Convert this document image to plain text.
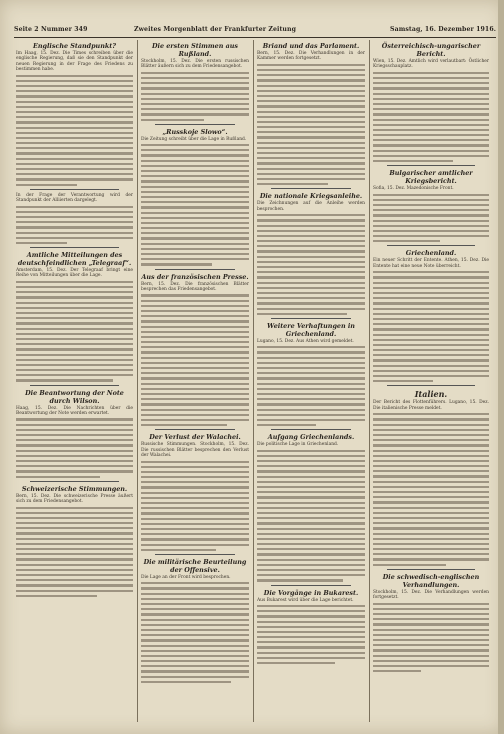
Seite 2 Nummer 349	Zweites Morgenblatt der Frankfurter Zeitung	Samstag, 16. Dezember 1916.
Englische Standpunkt?
Im Haag, 15. Dez. Die Times schreiben über die englische Regierung, daß sie den Standpunkt der neuen Regierung in der Frage des Friedens zu bestimmen habe.
In der Frage der Verantwortung wird der Standpunkt der Alliierten dargelegt.
Amtliche Mitteilungen des deutschfeindlichen „Telegraaf“.
Amsterdam, 15. Dez. Der Telegraaf bringt eine Reihe von Mitteilungen über die Lage.
Die Beantwortung der Note durch Wilson.
Haag, 15. Dez. Die Nachrichten über die Beantwortung der Note werden erwartet.
Schweizerische Stimmungen.
Bern, 15. Dez. Die schweizerische Presse äußert sich zu dem Friedensangebot.
Die ersten Stimmen aus Rußland.
Stockholm, 15. Dez. Die ersten russischen Blätter äußern sich zu dem Friedensangebot.
„Russkoje Slowo“.
Die Zeitung schreibt über die Lage in Rußland.
Aus der französischen Presse.
Bern, 15. Dez. Die französischen Blätter besprechen das Friedensangebot.
Der Verlust der Walachei.
Russische Stimmungen. Stockholm, 15. Dez. Die russischen Blätter besprechen den Verlust der Walachei.
Die militärische Beurteilung der Offensive.
Die Lage an der Front wird besprochen.
Briand und das Parlament.
Bern, 15. Dez. Die Verhandlungen in der Kammer werden fortgesetzt.
Die nationale Kriegsanleihe.
Die Zeichnungen auf die Anleihe werden besprochen.
Weitere Verhaftungen in Griechenland.
Lugano, 15. Dez. Aus Athen wird gemeldet.
Aufgang Griechenlands.
Die politische Lage in Griechenland.
Die Vorgänge in Bukarest.
Aus Bukarest wird über die Lage berichtet.
Österreichisch-ungarischer Bericht.
Wien, 15. Dez. Amtlich wird verlautbart: Östlicher Kriegsschauplatz.
Bulgarischer amtlicher Kriegsbericht.
Sofia, 15. Dez. Mazedonische Front.
Griechenland.
Ein neuer Schritt der Entente. Athen, 15. Dez. Die Entente hat eine neue Note überreicht.
Italien.
Der Bericht des Flottenführers. Lugano, 15. Dez. Die italienische Presse meldet.
Die schwedisch-englischen Verhandlungen.
Stockholm, 15. Dez. Die Verhandlungen werden fortgesetzt.
